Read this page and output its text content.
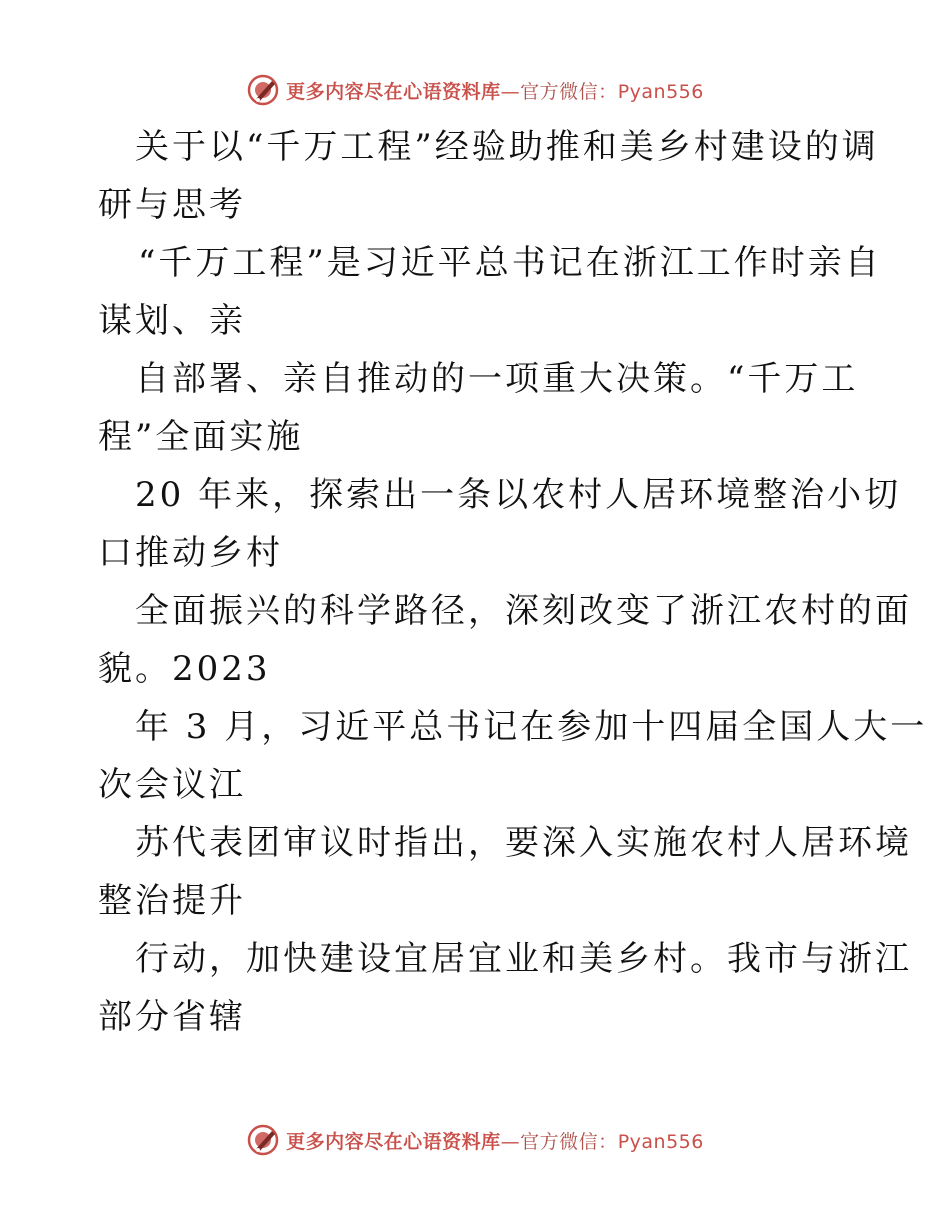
更多内容尽在心语资料库—官方微信：Pyan556
关于以“千万工程”经验助推和美乡村建设的调
研与思考
“千万工程”是习近平总书记在浙江工作时亲自
谋划、亲
自部署、亲自推动的一项重大决策。“千万工
程”全面实施
20 年来，探索出一条以农村人居环境整治小切
口推动乡村
全面振兴的科学路径，深刻改变了浙江农村的面
貌。2023
年 3 月，习近平总书记在参加十四届全国人大一
次会议江
苏代表团审议时指出，要深入实施农村人居环境
整治提升
行动，加快建设宜居宜业和美乡村。我市与浙江
部分省辖
更多内容尽在心语资料库—官方微信：Pyan556
